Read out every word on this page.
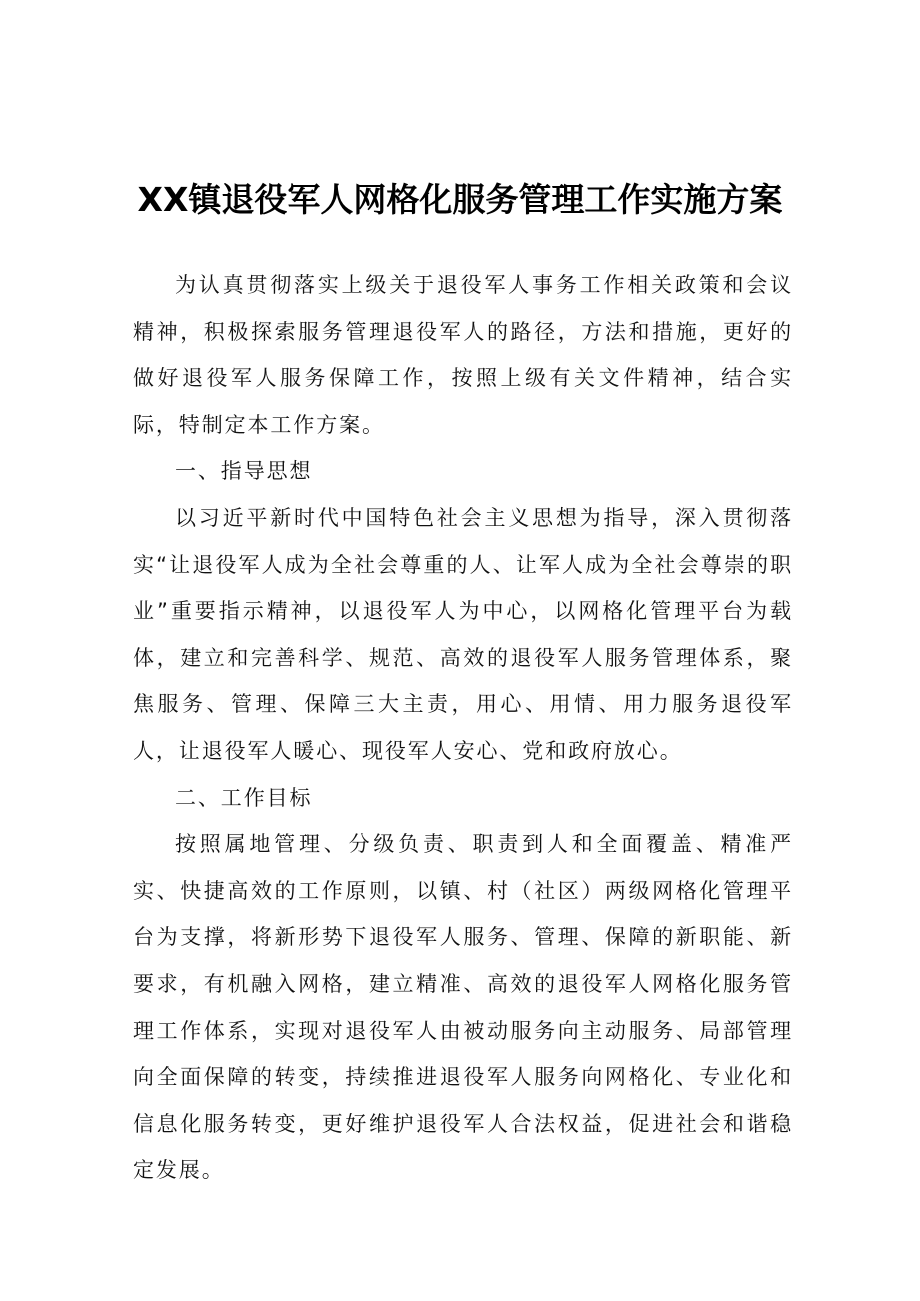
XX镇退役军人网格化服务管理工作实施方案

为认真贯彻落实上级关于退役军人事务工作相关政策和会议精神，积极探索服务管理退役军人的路径，方法和措施，更好的做好退役军人服务保障工作，按照上级有关文件精神，结合实际，特制定本工作方案。

一、指导思想

以习近平新时代中国特色社会主义思想为指导，深入贯彻落实“让退役军人成为全社会尊重的人、让军人成为全社会尊崇的职业”重要指示精神，以退役军人为中心，以网格化管理平台为载体，建立和完善科学、规范、高效的退役军人服务管理体系，聚焦服务、管理、保障三大主责，用心、用情、用力服务退役军人，让退役军人暖心、现役军人安心、党和政府放心。

二、工作目标

按照属地管理、分级负责、职责到人和全面覆盖、精准严实、快捷高效的工作原则，以镇、村（社区）两级网格化管理平台为支撑，将新形势下退役军人服务、管理、保障的新职能、新要求，有机融入网格，建立精准、高效的退役军人网格化服务管理工作体系，实现对退役军人由被动服务向主动服务、局部管理向全面保障的转变，持续推进退役军人服务向网格化、专业化和信息化服务转变，更好维护退役军人合法权益，促进社会和谐稳定发展。
